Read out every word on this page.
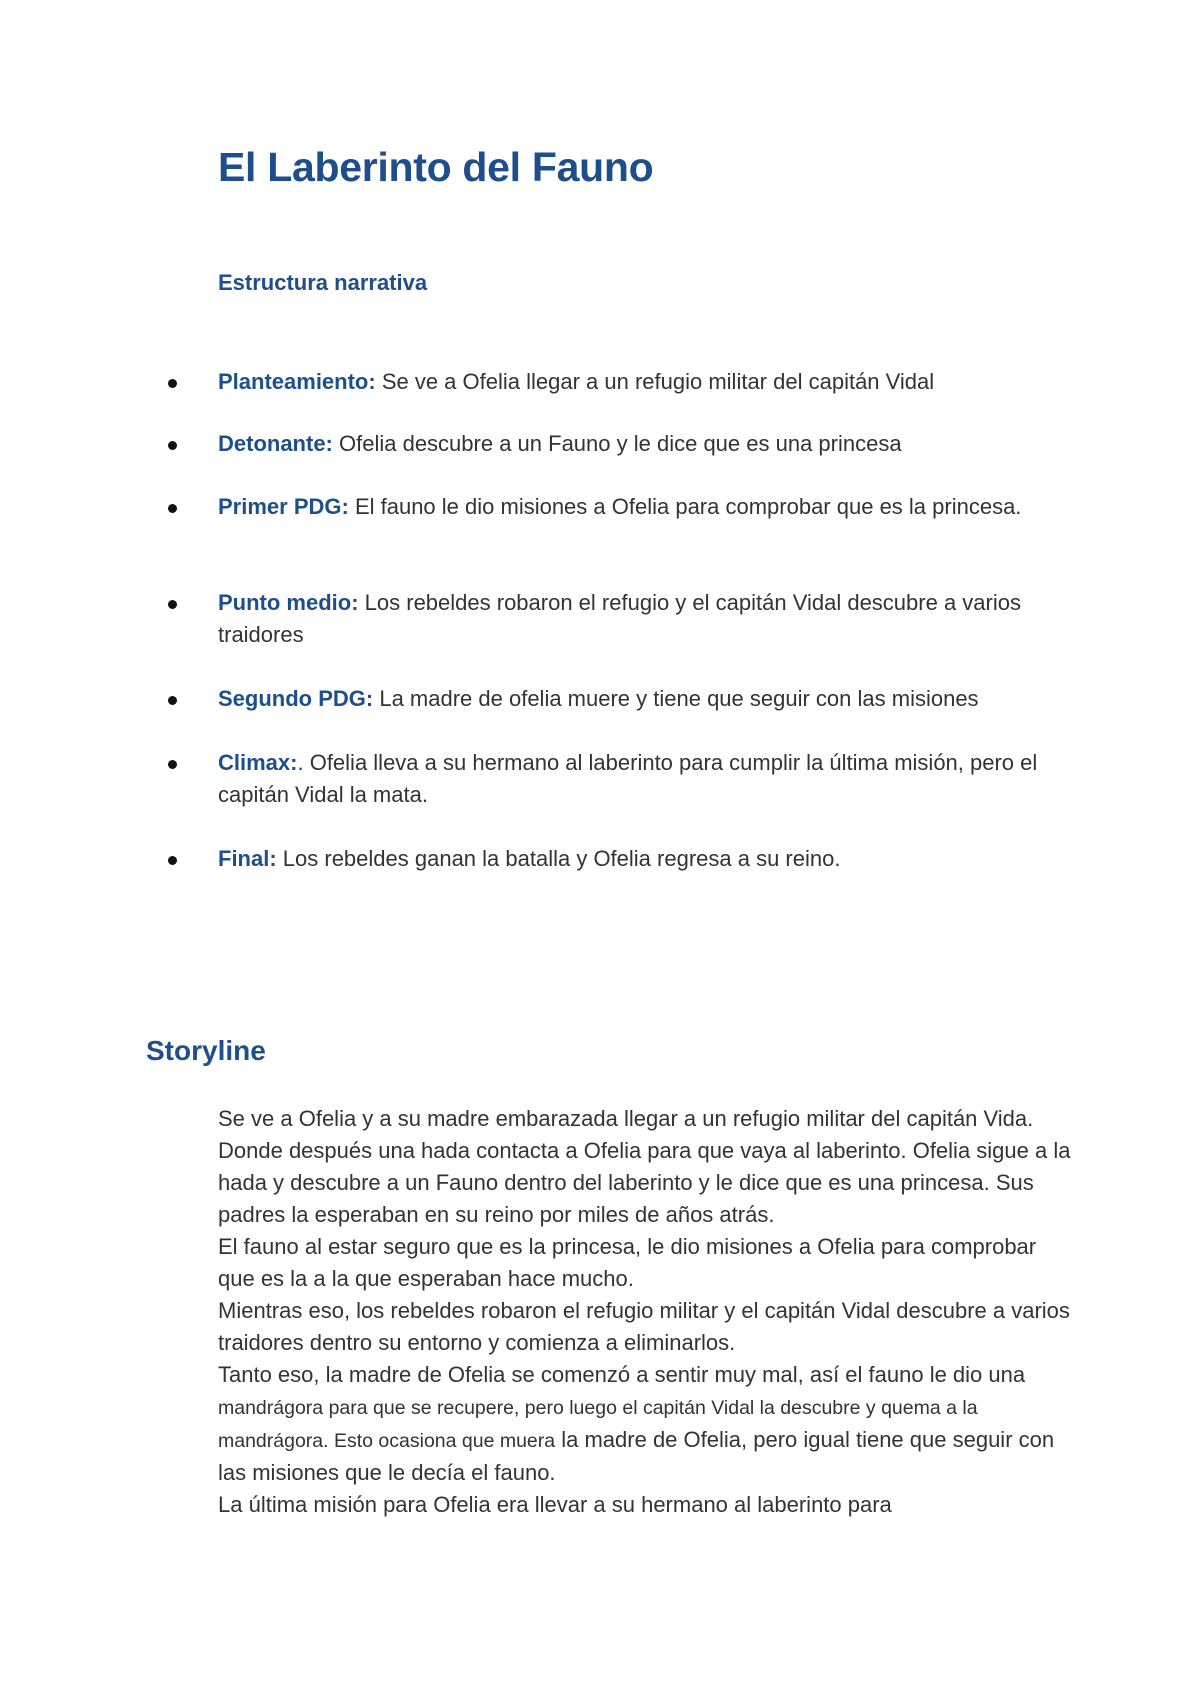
El Laberinto del Fauno
Estructura narrativa
Planteamiento: Se ve a Ofelia llegar a un refugio militar del capitán Vidal
Detonante: Ofelia descubre a un Fauno y le dice que es una princesa
Primer PDG: El fauno le dio misiones a Ofelia para comprobar que es la princesa.
Punto medio: Los rebeldes robaron el refugio y el capitán Vidal descubre a varios traidores
Segundo PDG: La madre de ofelia muere y tiene que seguir con las misiones
Climax:. Ofelia lleva a su hermano al laberinto para cumplir la última misión, pero el capitán Vidal la mata.
Final: Los rebeldes ganan la batalla y Ofelia regresa a su reino.
Storyline
Se ve a Ofelia y a su madre embarazada llegar a un refugio militar del capitán Vida. Donde después una hada contacta a Ofelia para que vaya al laberinto. Ofelia sigue a la hada y descubre a un Fauno dentro del laberinto y le dice que es una princesa. Sus padres la esperaban en su reino por miles de años atrás.
El fauno al estar seguro que es la princesa, le dio misiones a Ofelia para comprobar que es la a la que esperaban hace mucho.
Mientras eso, los rebeldes robaron el refugio militar y el capitán Vidal descubre a varios traidores dentro su entorno y comienza a eliminarlos.
Tanto eso, la madre de Ofelia se comenzó a sentir muy mal, así el fauno le dio una mandrágora para que se recupere, pero luego el capitán Vidal la descubre y quema a la mandrágora. Esto ocasiona que muera la madre de Ofelia, pero igual tiene que seguir con las misiones que le decía el fauno.
La última misión para Ofelia era llevar a su hermano al laberinto para
